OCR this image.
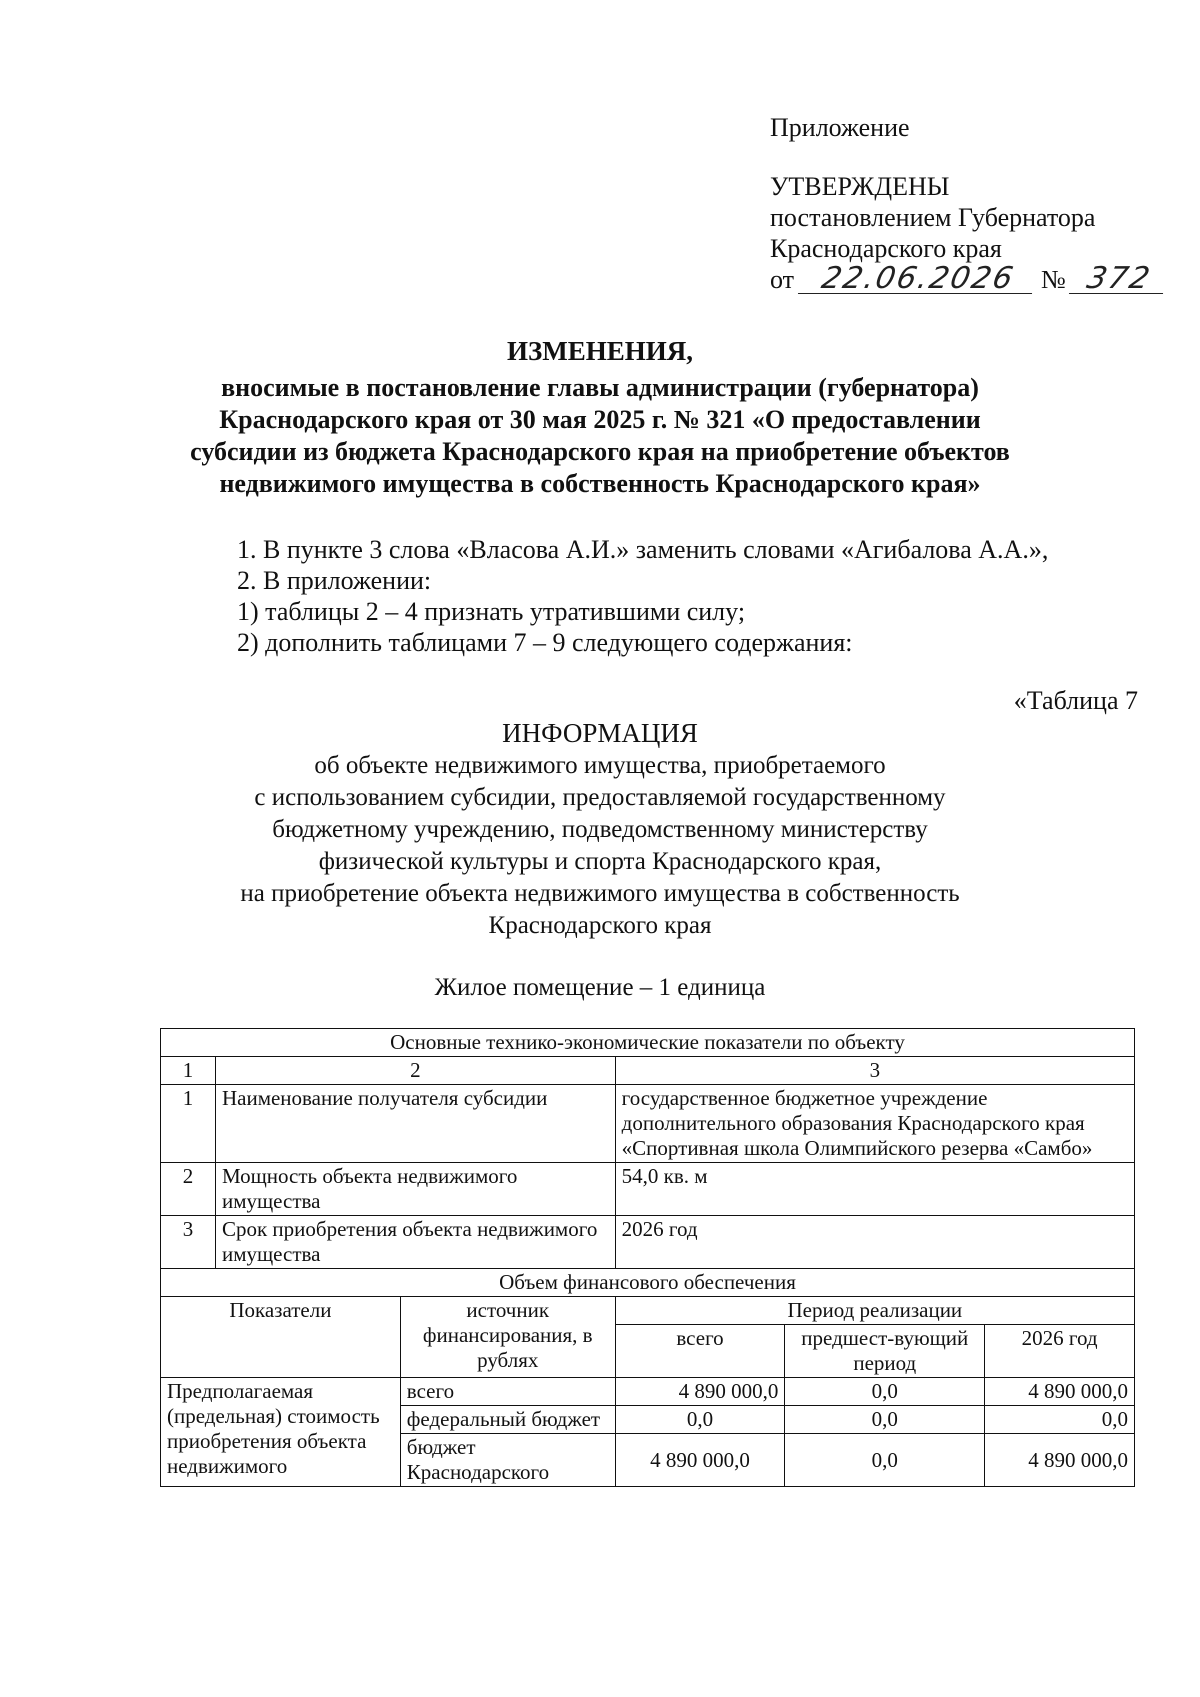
Приложение
УТВЕРЖДЕНЫ
постановлением Губернатора
Краснодарского края
от 22.06.2026 № 372
ИЗМЕНЕНИЯ,
вносимые в постановление главы администрации (губернатора)
Краснодарского края от 30 мая 2025 г. № 321 «О предоставлении
субсидии из бюджета Краснодарского края на приобретение объектов
недвижимого имущества в собственность Краснодарского края»
1. В пункте 3 слова «Власова А.И.» заменить словами «Агибалова А.А.»,
2. В приложении:
1) таблицы 2 – 4 признать утратившими силу;
2) дополнить таблицами 7 – 9 следующего содержания:
«Таблица 7
ИНФОРМАЦИЯ
об объекте недвижимого имущества, приобретаемого
с использованием субсидии, предоставляемой государственному
бюджетному учреждению, подведомственному министерству
физической культуры и спорта Краснодарского края,
на приобретение объекта недвижимого имущества в собственность
Краснодарского края
Жилое помещение – 1 единица
Основные технико-экономические показатели по объекту					
1	2		3		
1	Наименование получателя субсидии		государственное бюджетное учреждение дополнительного образования Краснодарского края «Спортивная школа Олимпийского резерва «Самбо»		
2	Мощность объекта недвижимого имущества		54,0 кв. м		
3	Срок приобретения объекта недвижимого имущества		2026 год		
Объем финансового обеспечения					
Показатели		источник финансирования, в рублях	Период реализации		
			всего	предшест-вующий период	2026 год
Предполагаемая (предельная) стоимость приобретения объекта недвижимого		всего	4 890 000,0	0,0	4 890 000,0
		федеральный бюджет	0,0	0,0	0,0
		бюджет Краснодарского	4 890 000,0	0,0	4 890 000,0
